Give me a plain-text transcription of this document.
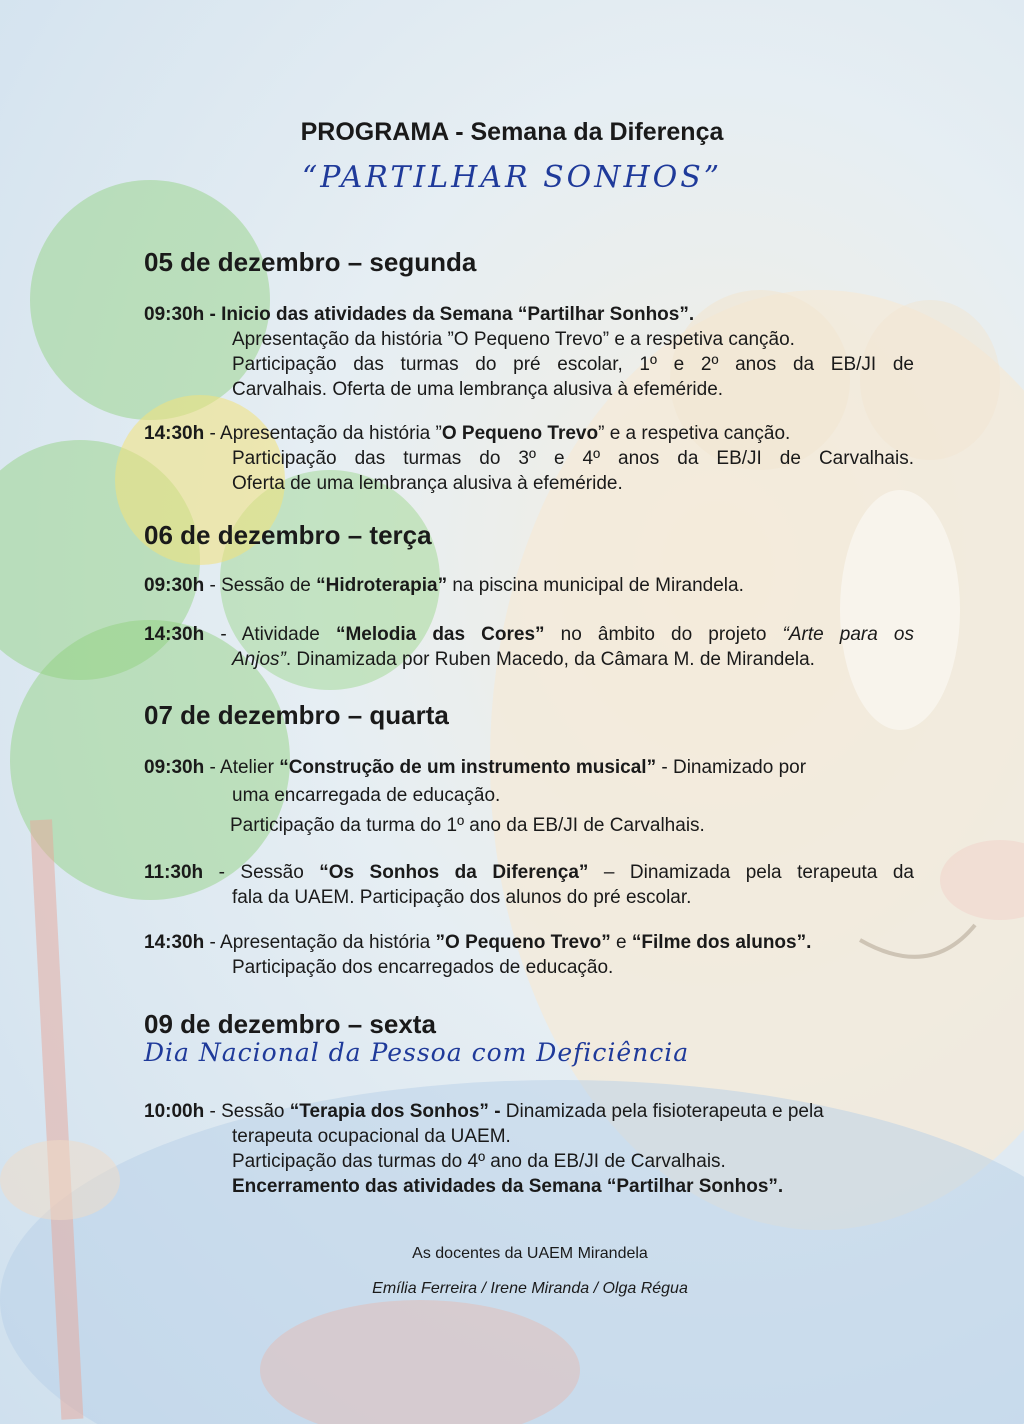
PROGRAMA - Semana da Diferença
“PARTILHAR SONHOS”
05 de dezembro – segunda
09:30h - Inicio das atividades da Semana “Partilhar Sonhos”.
Apresentação da história ”O Pequeno Trevo” e a respetiva canção.
Participação das turmas do pré escolar, 1º e 2º anos da EB/JI de
Carvalhais. Oferta de uma lembrança alusiva à efeméride.
14:30h - Apresentação da história ”O Pequeno Trevo” e a respetiva canção.
Participação das turmas do 3º e 4º anos da EB/JI de Carvalhais.
Oferta de uma lembrança alusiva à efeméride.
06 de dezembro – terça
09:30h - Sessão de “Hidroterapia” na piscina municipal de Mirandela.
14:30h - Atividade “Melodia das Cores” no âmbito do projeto “Arte para os
Anjos”. Dinamizada por Ruben Macedo, da Câmara M. de Mirandela.
07 de dezembro – quarta
09:30h - Atelier “Construção de um instrumento musical” - Dinamizado por
uma encarregada de educação.
Participação da turma do 1º ano da EB/JI de Carvalhais.
11:30h - Sessão “Os Sonhos da Diferença” – Dinamizada pela terapeuta da
fala da UAEM. Participação dos alunos do pré escolar.
14:30h - Apresentação da história ”O Pequeno Trevo” e “Filme dos alunos”.
Participação dos encarregados de educação.
09 de dezembro – sexta
Dia Nacional da Pessoa com Deficiência
10:00h - Sessão “Terapia dos Sonhos” - Dinamizada pela fisioterapeuta e pela
terapeuta ocupacional da UAEM.
Participação das turmas do 4º ano da EB/JI de Carvalhais.
Encerramento das atividades da Semana “Partilhar Sonhos”.
As docentes da UAEM Mirandela
Emília Ferreira / Irene Miranda / Olga Régua
